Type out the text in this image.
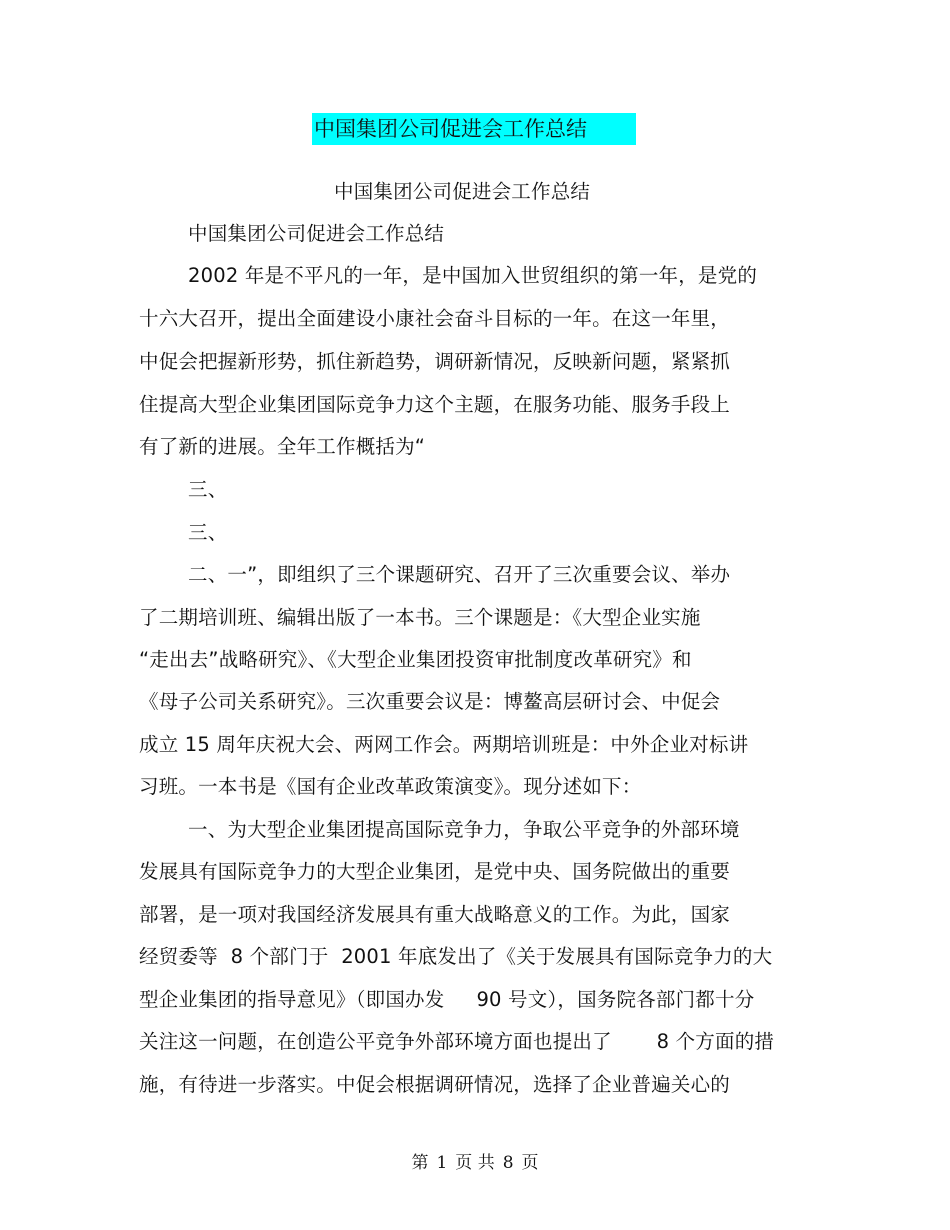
中国集团公司促进会工作总结
中国集团公司促进会工作总结
中国集团公司促进会工作总结
2002 年是不平凡的一年，是中国加入世贸组织的第一年，是党的
十六大召开，提出全面建设小康社会奋斗目标的一年。在这一年里，
中促会把握新形势，抓住新趋势，调研新情况，反映新问题，紧紧抓
住提高大型企业集团国际竞争力这个主题，在服务功能、服务手段上
有了新的进展。全年工作概括为“
三、
三、
二、一”，即组织了三个课题研究、召开了三次重要会议、举办
了二期培训班、编辑出版了一本书。三个课题是：《大型企业实施
“走出去”战略研究》、《大型企业集团投资审批制度改革研究》和
《母子公司关系研究》。三次重要会议是：博鳌高层研讨会、中促会
成立 15 周年庆祝大会、两网工作会。两期培训班是：中外企业对标讲
习班。一本书是《国有企业改革政策演变》。现分述如下：
一、为大型企业集团提高国际竞争力，争取公平竞争的外部环境
发展具有国际竞争力的大型企业集团，是党中央、国务院做出的重要
部署，是一项对我国经济发展具有重大战略意义的工作。为此，国家
经贸委等  8 个部门于  2001 年底发出了《关于发展具有国际竞争力的大
型企业集团的指导意见》（即国办发     90 号文），国务院各部门都十分
关注这一问题，在创造公平竞争外部环境方面也提出了       8 个方面的措
施，有待进一步落实。中促会根据调研情况，选择了企业普遍关心的
第 1 页 共 8 页
